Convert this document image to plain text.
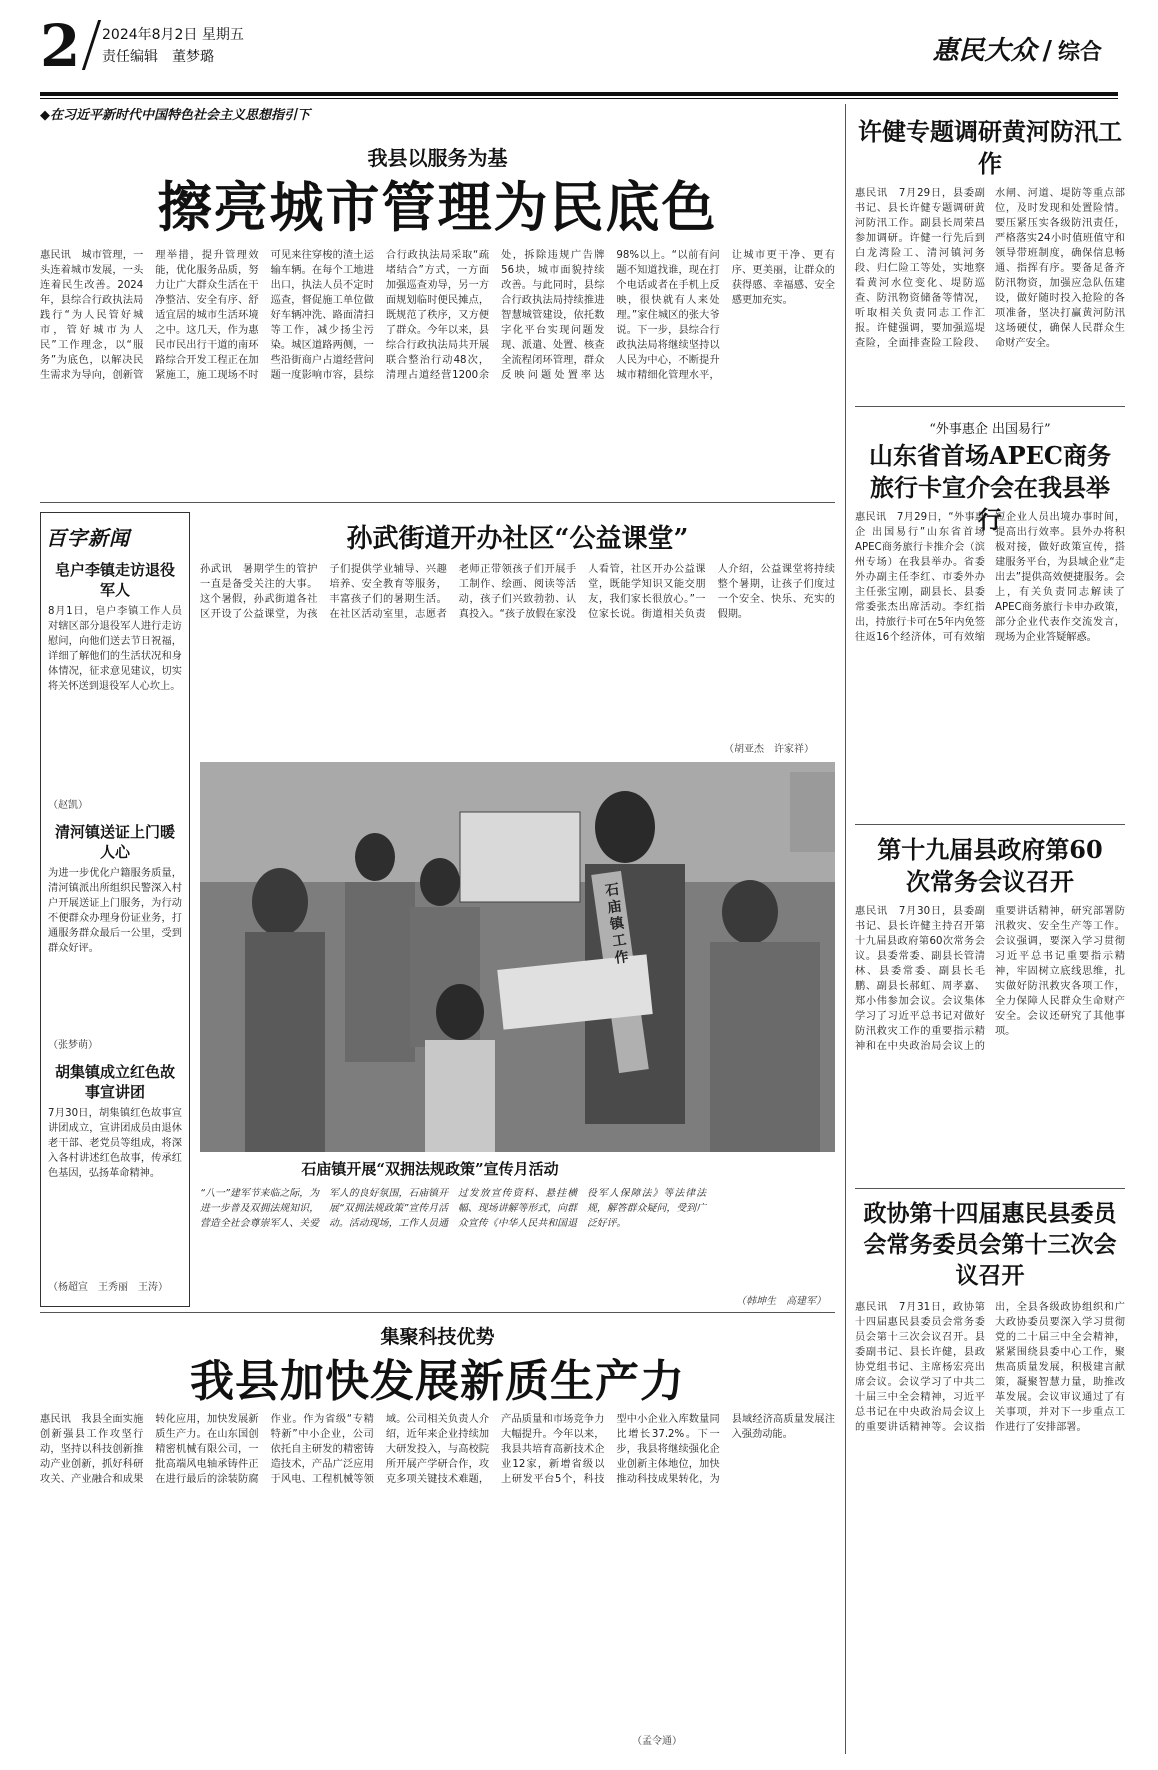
2 2024年8月2日 星期五
责任编辑　董梦璐	惠民大众 / 综合
◆在习近平新时代中国特色社会主义思想指引下
我县以服务为基
擦亮城市管理为民底色
惠民讯　城市管理，一头连着城市发展，一头连着民生改善。2024年，县综合行政执法局践行“为人民管好城市，管好城市为人民”工作理念，以“服务”为底色，以解决民生需求为导向，创新管理举措，提升管理效能，优化服务品质，努力让广大群众生活在干净整洁、安全有序、舒适宜居的城市生活环境之中。这几天，作为惠民市民出行干道的南环路综合开发工程正在加紧施工，施工现场不时可见来往穿梭的渣土运输车辆。在每个工地进出口，执法人员不定时巡查，督促施工单位做好车辆冲洗、路面清扫等工作，减少扬尘污染。城区道路两侧，一些沿街商户占道经营问题一度影响市容，县综合行政执法局采取“疏堵结合”方式，一方面加强巡查劝导，另一方面规划临时便民摊点，既规范了秩序，又方便了群众。今年以来，县综合行政执法局共开展联合整治行动48次，清理占道经营1200余处，拆除违规广告牌56块，城市面貌持续改善。与此同时，县综合行政执法局持续推进智慧城管建设，依托数字化平台实现问题发现、派遣、处置、核查全流程闭环管理，群众反映问题处置率达98%以上。“以前有问题不知道找谁，现在打个电话或者在手机上反映，很快就有人来处理。”家住城区的张大爷说。下一步，县综合行政执法局将继续坚持以人民为中心，不断提升城市精细化管理水平，让城市更干净、更有序、更美丽，让群众的获得感、幸福感、安全感更加充实。
许健专题调研黄河防汛工作
惠民讯　7月29日，县委副书记、县长许健专题调研黄河防汛工作。副县长周荣昌参加调研。许健一行先后到白龙湾险工、清河镇河务段、归仁险工等处，实地察看黄河水位变化、堤防巡查、防汛物资储备等情况，听取相关负责同志工作汇报。许健强调，要加强巡堤查险，全面排查险工险段、水闸、河道、堤防等重点部位，及时发现和处置险情。要压紧压实各级防汛责任，严格落实24小时值班值守和领导带班制度，确保信息畅通、指挥有序。要备足备齐防汛物资，加强应急队伍建设，做好随时投入抢险的各项准备，坚决打赢黄河防汛这场硬仗，确保人民群众生命财产安全。
“外事惠企 出国易行”
山东省首场APEC商务旅行卡宣介会在我县举行
惠民讯　7月29日，“外事惠企 出国易行”山东省首场APEC商务旅行卡推介会（滨州专场）在我县举办。省委外办副主任李红、市委外办主任张宝刚，副县长、县委常委张杰出席活动。李红指出，持旅行卡可在5年内免签往返16个经济体，可有效缩短企业人员出境办事时间，提高出行效率。县外办将积极对接，做好政策宣传，搭建服务平台，为县域企业“走出去”提供高效便捷服务。会上，有关负责同志解读了APEC商务旅行卡申办政策，部分企业代表作交流发言，现场为企业答疑解惑。
第十九届县政府第60次常务会议召开
惠民讯　7月30日，县委副书记、县长许健主持召开第十九届县政府第60次常务会议。县委常委、副县长管清林、县委常委、副县长毛鹏、副县长郝虹、周孝嘉、郑小伟参加会议。会议集体学习了习近平总书记对做好防汛救灾工作的重要指示精神和在中央政治局会议上的重要讲话精神，研究部署防汛救灾、安全生产等工作。会议强调，要深入学习贯彻习近平总书记重要指示精神，牢固树立底线思维，扎实做好防汛救灾各项工作，全力保障人民群众生命财产安全。会议还研究了其他事项。
政协第十四届惠民县委员会常务委员会第十三次会议召开
惠民讯　7月31日，政协第十四届惠民县委员会常务委员会第十三次会议召开。县委副书记、县长许健，县政协党组书记、主席杨宏亮出席会议。会议学习了中共二十届三中全会精神，习近平总书记在中央政治局会议上的重要讲话精神等。会议指出，全县各级政协组织和广大政协委员要深入学习贯彻党的二十届三中全会精神，紧紧围绕县委中心工作，聚焦高质量发展，积极建言献策，凝聚智慧力量，助推改革发展。会议审议通过了有关事项，并对下一步重点工作进行了安排部署。
百字新闻
皂户李镇走访退役军人
8月1日，皂户李镇工作人员对辖区部分退役军人进行走访慰问，向他们送去节日祝福，详细了解他们的生活状况和身体情况，征求意见建议，切实将关怀送到退役军人心坎上。
（赵凯）
清河镇送证上门暖人心
为进一步优化户籍服务质量，清河镇派出所组织民警深入村户开展送证上门服务，为行动不便群众办理身份证业务，打通服务群众最后一公里，受到群众好评。
（张梦萌）
胡集镇成立红色故事宣讲团
7月30日，胡集镇红色故事宣讲团成立，宣讲团成员由退休老干部、老党员等组成，将深入各村讲述红色故事，传承红色基因，弘扬革命精神。
（杨超宣　王秀丽　王涛）
孙武街道开办社区“公益课堂”
孙武讯　暑期学生的管护一直是备受关注的大事。这个暑假，孙武街道各社区开设了公益课堂，为孩子们提供学业辅导、兴趣培养、安全教育等服务，丰富孩子们的暑期生活。在社区活动室里，志愿者老师正带领孩子们开展手工制作、绘画、阅读等活动，孩子们兴致勃勃、认真投入。“孩子放假在家没人看管，社区开办公益课堂，既能学知识又能交朋友，我们家长很放心。”一位家长说。街道相关负责人介绍，公益课堂将持续整个暑期，让孩子们度过一个安全、快乐、充实的假期。
（胡亚杰　许家祥）
石庙镇工作
石庙镇开展“双拥法规政策”宣传月活动
“八一”建军节来临之际，为进一步普及双拥法规知识，营造全社会尊崇军人、关爱军人的良好氛围，石庙镇开展“双拥法规政策”宣传月活动。活动现场，工作人员通过发放宣传资料、悬挂横幅、现场讲解等形式，向群众宣传《中华人民共和国退役军人保障法》等法律法规，解答群众疑问，受到广泛好评。
（韩坤生　高建军）
集聚科技优势
我县加快发展新质生产力
惠民讯　我县全面实施创新强县工作攻坚行动，坚持以科技创新推动产业创新，抓好科研攻关、产业融合和成果转化应用，加快发展新质生产力。在山东国创精密机械有限公司，一批高端风电轴承铸件正在进行最后的涂装防腐作业。作为省级“专精特新”中小企业，公司依托自主研发的精密铸造技术，产品广泛应用于风电、工程机械等领域。公司相关负责人介绍，近年来企业持续加大研发投入，与高校院所开展产学研合作，攻克多项关键技术难题，产品质量和市场竞争力大幅提升。今年以来，我县共培育高新技术企业12家，新增省级以上研发平台5个，科技型中小企业入库数量同比增长37.2%。下一步，我县将继续强化企业创新主体地位，加快推动科技成果转化，为县域经济高质量发展注入强劲动能。
（孟令通）
